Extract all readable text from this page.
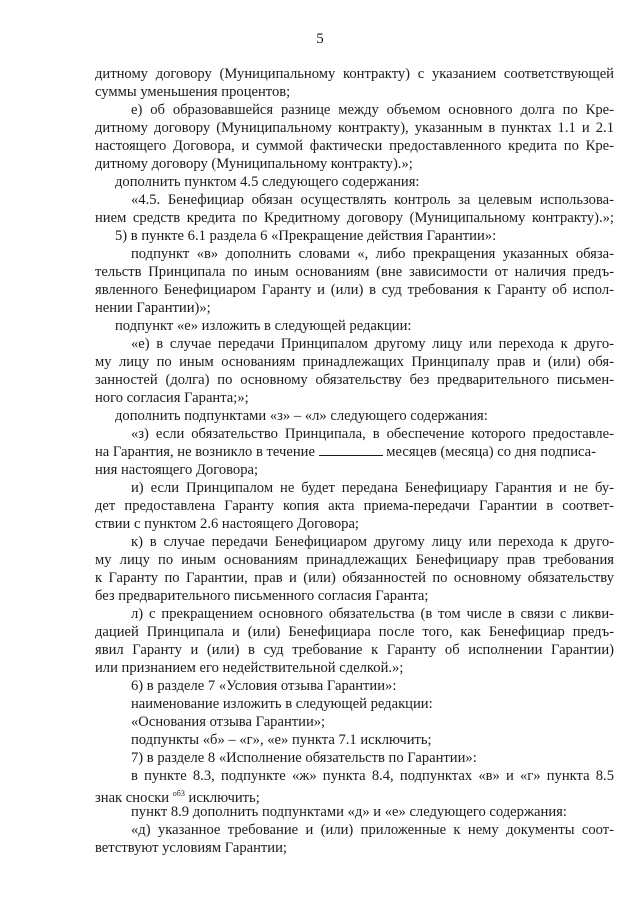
5
дитному договору (Муниципальному контракту) с указанием соответствующей
суммы уменьшения процентов;
е) об образовавшейся разнице между объемом основного долга по Кре-
дитному договору (Муниципальному контракту), указанным в пунктах 1.1 и 2.1
настоящего Договора, и суммой фактически предоставленного кредита по Кре-
дитному договору (Муниципальному контракту).»;
дополнить пунктом 4.5 следующего содержания:
«4.5. Бенефициар обязан осуществлять контроль за целевым использова-
нием средств кредита по Кредитному договору (Муниципальному контракту).»;
5) в пункте 6.1 раздела 6 «Прекращение действия Гарантии»:
подпункт «в» дополнить словами «, либо прекращения указанных обяза-
тельств Принципала по иным основаниям (вне зависимости от наличия предъ-
явленного Бенефициаром Гаранту и (или) в суд требования к Гаранту об испол-
нении Гарантии)»;
подпункт «е» изложить в следующей редакции:
«е) в случае передачи Принципалом другому лицу или перехода к друго-
му лицу по иным основаниям принадлежащих Принципалу прав и (или) обя-
занностей (долга) по основному обязательству без предварительного письмен-
ного согласия Гаранта;»;
дополнить подпунктами «з» – «л» следующего содержания:
«з) если обязательство Принципала, в обеспечение которого предоставле-
на Гарантия, не возникло в течение	месяцев (месяца) со дня подписа-
ния настоящего Договора;
и) если Принципалом не будет передана Бенефициару Гарантия и не бу-
дет предоставлена Гаранту копия акта приема-передачи Гарантии в соответ-
ствии с пунктом 2.6 настоящего Договора;
к) в случае передачи Бенефициаром другому лицу или перехода к друго-
му лицу по иным основаниям принадлежащих Бенефициару прав требования
к Гаранту по Гарантии, прав и (или) обязанностей по основному обязательству
без предварительного письменного согласия Гаранта;
л) с прекращением основного обязательства (в том числе в связи с ликви-
дацией Принципала и (или) Бенефициара после того, как Бенефициар предъ-
явил Гаранту и (или) в суд требование к Гаранту об исполнении Гарантии)
или признанием его недействительной сделкой.»;
6) в разделе 7 «Условия отзыва Гарантии»:
наименование изложить в следующей редакции:
«Основания отзыва Гарантии»;
подпункты «б» – «г», «е» пункта 7.1 исключить;
7) в разделе 8 «Исполнение обязательств по Гарантии»:
в пункте 8.3, подпункте «ж» пункта 8.4, подпунктах «в» и «г» пункта 8.5
знак сноски $^{об3}$ исключить;
пункт 8.9 дополнить подпунктами «д» и «е» следующего содержания:
«д) указанное требование и (или) приложенные к нему документы соот-
ветствуют условиям Гарантии;
